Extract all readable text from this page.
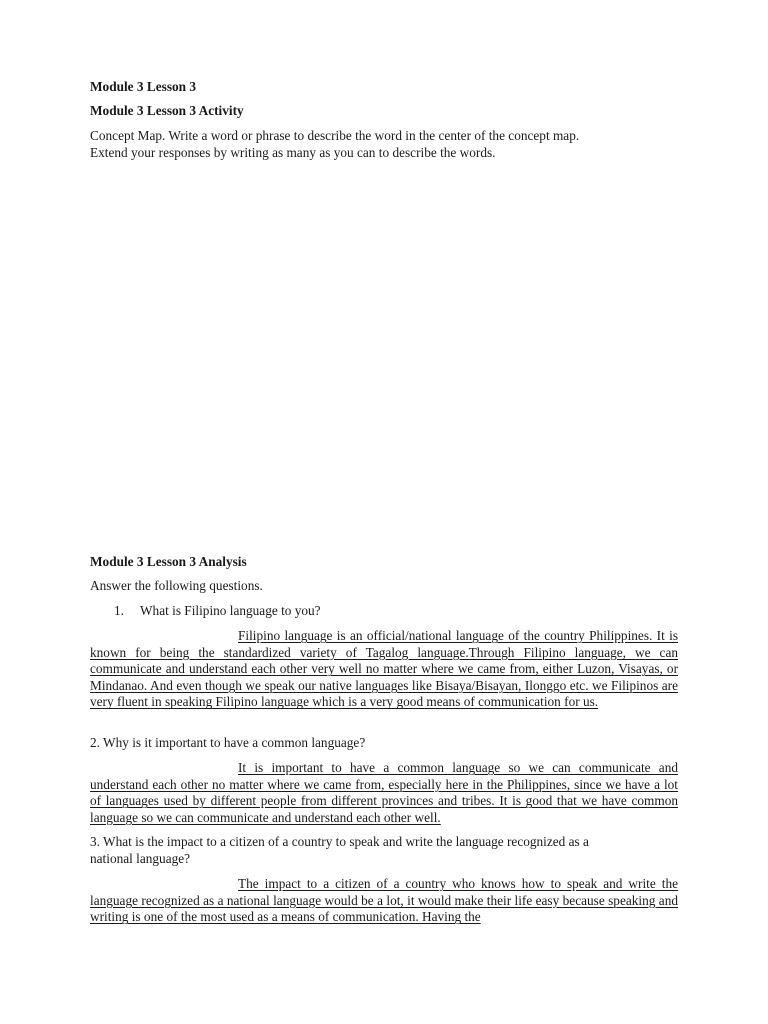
Module 3 Lesson 3

Module 3 Lesson 3 Activity

Concept Map. Write a word or phrase to describe the word in the center of the concept map.

Extend your responses by writing as many as you can to describe the words.

Module 3 Lesson 3 Analysis

Answer the following questions.

1. What is Filipino language to you?

Filipino language is an official/national language of the country Philippines. It is known for being the standardized variety of Tagalog language.Through Filipino language, we can communicate and understand each other very well no matter where we came from, either Luzon, Visayas, or Mindanao. And even though we speak our native languages like Bisaya/Bisayan, Ilonggo etc. we Filipinos are very fluent in speaking Filipino language which is a very good means of communication for us.

2. Why is it important to have a common language?

It is important to have a common language so we can communicate and understand each other no matter where we came from, especially here in the Philippines, since we have a lot of languages used by different people from different provinces and tribes. It is good that we have common language so we can communicate and understand each other well.

3. What is the impact to a citizen of a country to speak and write the language recognized as a

national language?

The impact to a citizen of a country who knows how to speak and write the language recognized as a national language would be a lot, it would make their life easy because speaking and writing is one of the most used as a means of communication. Having the
